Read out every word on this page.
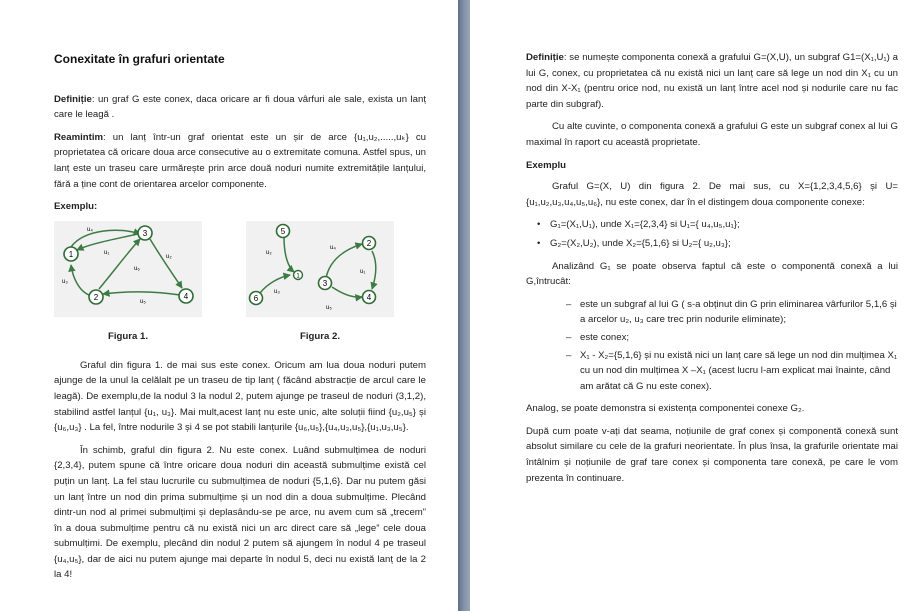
Conexitate în grafuri orientate

Definiție: un graf G este conex, daca oricare ar fi doua vârfuri ale sale, exista un lanț care le leagă .

Reamintim: un lanț într-un graf orientat este un șir de arce {u₁,u₂,.....,uₖ} cu proprietatea că oricare doua arce consecutive au o extremitate comuna. Astfel spus, un lanț este un traseu care urmărește prin arce două noduri numite extremitățile lanțului, fără a ține cont de orientarea arcelor componente.

Exemplu:
1
3
2	4
u₄
u₁
u₃
u₆
u₂
u₅
5
1
6
3
2
4
u₂
u₃
u₄
u₁
u₅
Figura 1.	Figura 2.

Graful din figura 1. de mai sus este conex. Oricum am lua doua noduri putem ajunge de la unul la celălalt pe un traseu de tip lanț ( făcând abstracție de arcul care le leagă). De exemplu,de la nodul 3 la nodul 2, putem ajunge pe traseul de noduri (3,1,2), stabilind astfel lanțul {u₁, u₃}. Mai mult,acest lanț nu este unic, alte soluții fiind {u₂,u₅} și {u₆,u₃} . La fel, între nodurile 3 și 4 se pot stabili lanțurile {u₆,u₅},{u₄,u₃,u₅},{u₁,u₃,u₅}.

În schimb, graful din figura 2. Nu este conex. Luând submulțimea de noduri {2,3,4}, putem spune că între oricare doua noduri din această submulțime există cel puțin un lanț. La fel stau lucrurile cu submulțimea de noduri {5,1,6}. Dar nu putem găsi un lanț între un nod din prima submulțime și un nod din a doua submulțime. Plecând dintr-un nod al primei submulțimi și deplasându-se pe arce, nu avem cum să „trecem” în a doua submulțime pentru că nu există nici un arc direct care să „lege” cele doua submulțimi. De exemplu, plecând din nodul 2 putem să ajungem în nodul 4 pe traseul {u₄,u₅}, dar de aici nu putem ajunge mai departe în nodul 5, deci nu există lanț de la 2 la 4!

Definiție: se numește componenta conexă a grafului G=(X,U), un subgraf G1=(X₁,U₁) a lui G, conex, cu proprietatea că nu există nici un lanț care să lege un nod din X₁ cu un nod din X-X₁ (pentru orice nod, nu există un lanț între acel nod și nodurile care nu fac parte din subgraf).

Cu alte cuvinte, o componenta conexă a grafului G este un subgraf conex al lui G maximal în raport cu această proprietate.

Exemplu

Graful G=(X, U) din figura 2. De mai sus, cu X={1,2,3,4,5,6} și U={u₁,u₂,u₃,u₄,u₅,u₆}, nu este conex, dar în el distingem doua componente conexe:

• G₁=(X₁,U₁), unde X₁={2,3,4} si U₁={ u₄,u₅,u₁};
• G₂=(X₂,U₂), unde X₂={5,1,6} si U₂={ u₂,u₃};

Analizând G₁ se poate observa faptul că este o componentă conexă a lui G,întrucât:

– este un subgraf al lui G ( s-a obținut din G prin eliminarea vârfurilor 5,1,6 și a arcelor u₂, u₃ care trec prin nodurile eliminate);
– este conex;
– X₁ - X₂={5,1,6} și nu există nici un lanț care să lege un nod din mulțimea X₁ cu un nod din mulțimea X –X₁ (acest lucru l-am explicat mai înainte, când am arătat că G nu este conex).

Analog, se poate demonstra si existența componentei conexe G₂.

După cum poate v-ați dat seama, noțiunile de graf conex și componentă conexă sunt absolut similare cu cele de la grafuri neorientate. În plus însa, la grafurile orientate mai întâlnim și noțiunile de graf tare conex și componenta tare conexă, pe care le vom prezenta în continuare.
